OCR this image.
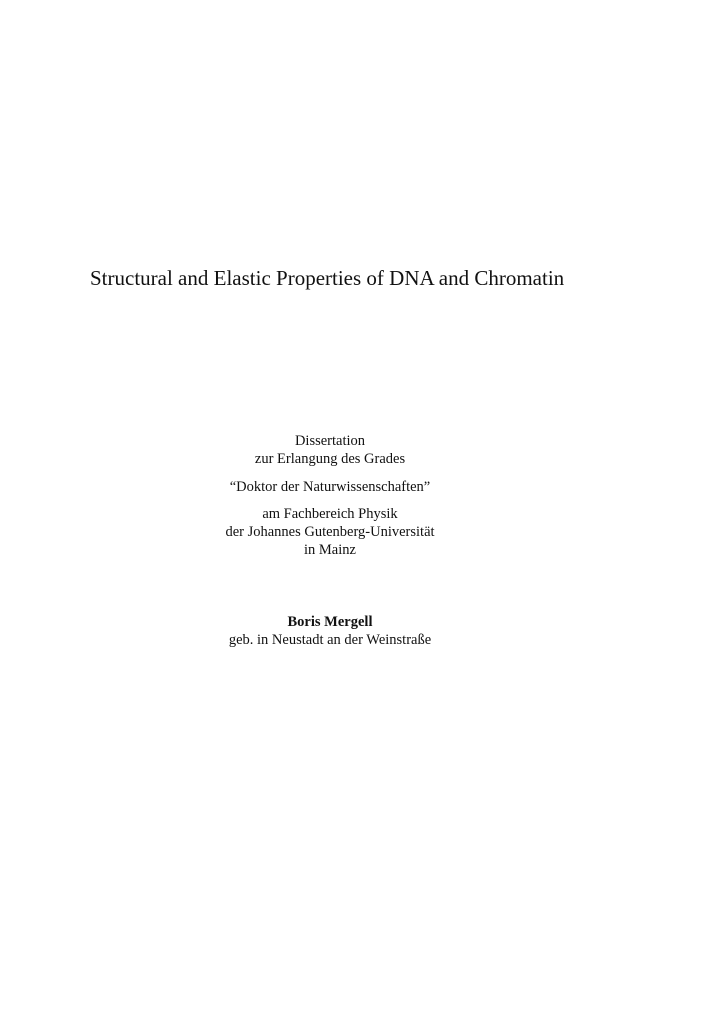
Structural and Elastic Properties of DNA and Chromatin
Dissertation
zur Erlangung des Grades
“Doktor der Naturwissenschaften”
am Fachbereich Physik
der Johannes Gutenberg-Universität
in Mainz
Boris Mergell
geb. in Neustadt an der Weinstraße
